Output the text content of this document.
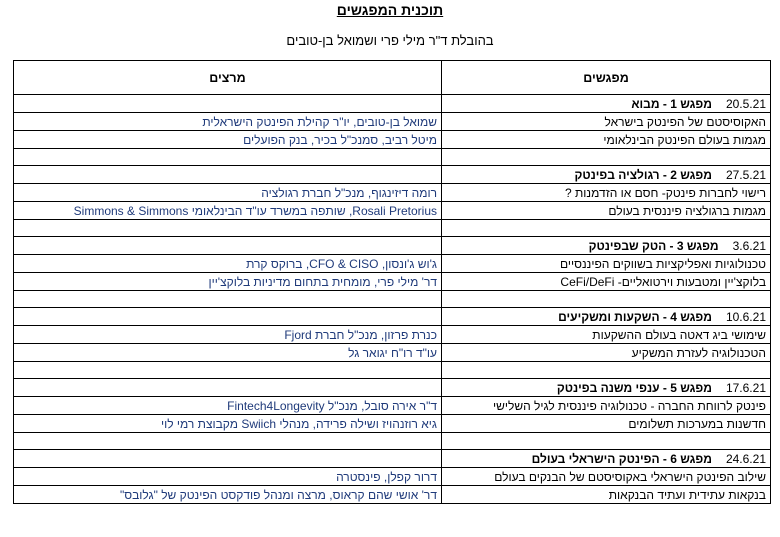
תוכנית המפגשים
בהובלת ד"ר מילי פרי ושמואל בן-טובים
מפגשים	מרצים
20.5.21מפגש 1 - מבוא	
האקוסיסטם של הפינטק בישראל	שמואל בן-טובים, יו"ר קהילת הפינטק הישראלית
מגמות בעולם הפינטק הבינלאומי	מיטל רביב, סמנכ"ל בכיר, בנק הפועלים

27.5.21מפגש 2 - רגולציה בפינטק	
רישוי לחברות פינטק- חסם או הזדמנות ?	רומה דיזינגוף, מנכ"ל חברת רגולציה
מגמות ברגולציה פיננסית בעולם	Rosali Pretorius, שותפה במשרד עו"ד הבינלאומי Simmons & Simmons

3.6.21מפגש 3 - הטק שבפינטק	
טכנולוגיות ואפליקציות בשווקים הפיננסיים	ג'וש ג'ונסון, CFO & CISO, ברוקס קרת
בלוקצ'יין ומטבעות וירטואליים- CeFi/DeFi	דר' מילי פרי, מומחית בתחום מדיניות בלוקצ'יין

10.6.21מפגש 4 - השקעות ומשקיעים	
שימושי ביג דאטה בעולם ההשקעות	כנרת פרזון, מנכ"ל חברת Fjord
הטכנולוגיה לעזרת המשקיע	עו"ד רו"ח יגואר גל

17.6.21מפגש 5 - ענפי משנה בפינטק	
פינטק לרווחת החברה - טכנולוגיה פיננסית לגיל השלישי	ד"ר אירה סובל, מנכ"ל Fintech4Longevity
חדשנות במערכות תשלומים	גיא רוזנהויז ושילה פרידה, מנהלי Swiich מקבוצת רמי לוי

24.6.21מפגש 6 - הפינטק הישראלי בעולם	
שילוב הפינטק הישראלי באקוסיסטם של הבנקים בעולם	דרור קפלן, פינסטרה
בנקאות עתידית ועתיד הבנקאות	דר' אושי שהם קראוס, מרצה ומנהל פודקסט הפינטק של "גלובס"
